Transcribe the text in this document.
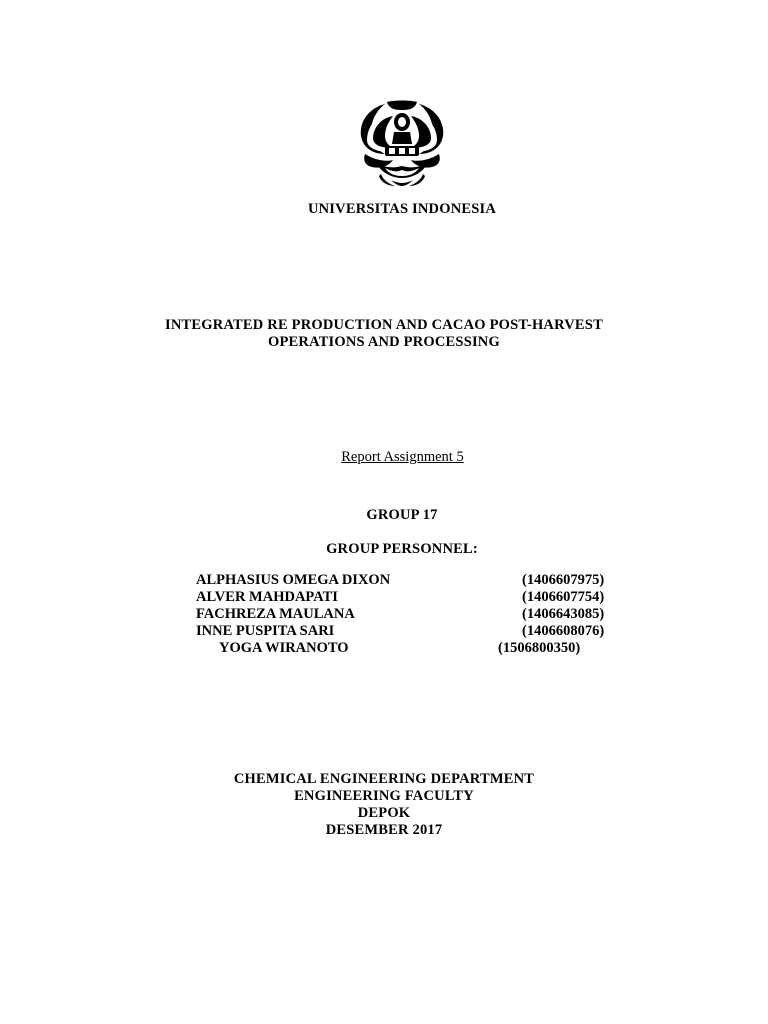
UNIVERSITAS INDONESIA
INTEGRATED RE PRODUCTION AND CACAO POST-HARVEST
OPERATIONS AND PROCESSING
Report Assignment 5
GROUP 17
GROUP PERSONNEL:
ALPHASIUS OMEGA DIXON	(1406607975)
ALVER MAHDAPATI	(1406607754)
FACHREZA MAULANA	(1406643085)
INNE PUSPITA SARI	(1406608076)
YOGA WIRANOTO	(1506800350)
CHEMICAL ENGINEERING DEPARTMENT
ENGINEERING FACULTY
DEPOK
DESEMBER 2017
